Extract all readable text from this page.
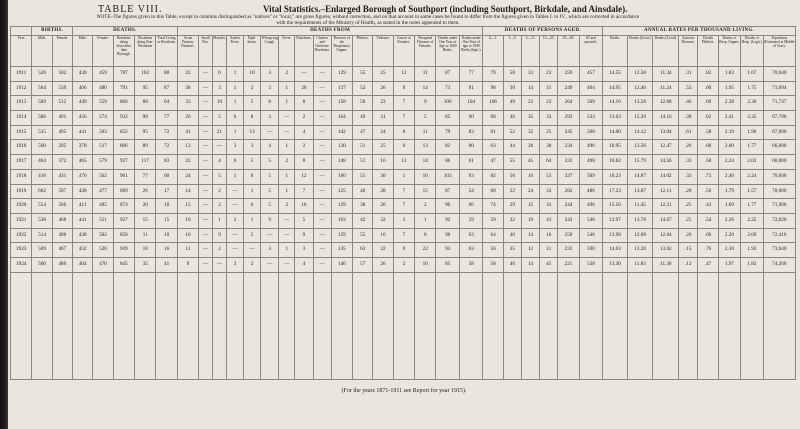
TABLE VIII.	Vital Statistics.–Enlarged Borough of Southport (including Southport, Birkdale, and Ainsdale).
NOTE–The figures given in this Table, except in columns distinguished as "natives" or "local," are gross figures, without correction, and on that account in some cases be found to differ from the figures given in Tables I. to IV., which are corrected in accordance
with the requirements of the Ministry of Health, as stated in the notes appended to them.
	BIRTHS.		DEATHS.					DEATHS FROM																DEATHS OF PERSONS AGED.						ANNUAL RATES PER THOUSAND LIVING.							
Year.	Male.	Female.	Male.	Female.	Residents dying elsewhere than Borough.	Residents dying Non-Residents	Total Living or Residents.	Acute Primary Diseases.	Small Pox.	Measles.	Scarlet Fever.	Diph-theria.	Whoop-ing Cough.	Fever.	Diarrhoea.	Cholera and Choleraic Diarrhoea.	Diseases of the Respiratory Organs.	Phthisis.	Violence.	Cancer of Females.	Puerperal Diseases of Females.	Deaths under One Year of Age to 1000 Births.	Deaths under One Year of age to 1000 Births (legit.).	0—1.	1—5.	5—15.	15—25.	25—65.	65 and upwards.	Births.	Deaths (Gross).	Deaths (Local).	Zymotic Diseases.	Deaths Phthisis.	Deaths of Resp. Organs.	Deaths of Resp. (Legit.)	Population (Estimated at Middle of Year).
1911	526	502	430	459	787	102	88	22	—	6	1	10	3	2	—	—	129	55	25	12	11	87	77	79	58	33	23	259	457	14.55	12.58	11.34	.31	.82	1.83	1.67	70,640
1912	564	539	406	480	791	95	87	38	—	3	1	2	3	1	26	—	137	52	26	9	14	73	91	98	30	14	31	249	464	14.95	12.46	11.24	.53	.60	1.95	1.75	71,094
1913	509	512	449	559	866	88	64	33	—	10	1	5	8	1	8	—	158	50	23	7	9	100	104	106	49	23	23	264	509	14.16	13.58	12.68	.46	.60	2.38	2.36	71,747
1914	586	491	456	574	932	98	77	26	—	5	6	8	3	—	2	—	164	49	31	7	5	85	90	68	46	35	33	293	533	13.63	15.20	14.16	.38	.62	2.41	2.35	67,700
1915	515	495	441	503	852	95	72	41	—	21	1	13	—	—	4	—	142	47	24	8	11	79	83	81	52	32	25	245	508	14.00	14.12	13.04	.61	.58	2.19	1.96	67,000
1916	500	395	378	517	806	89	72	13	—	—	3	3	4	1	2	—	130	51	25	6	13	82	80	63	44	28	30	234	496	10.95	13.56	12.47	.20	.68	2.00	1.77	66,000
1917	464	372	465	579	927	117	83	22	—	4	6	5	5	2	8	—	148	51	16	13	14	86	61	47	55	45	64	333	498	10.82	15.79	14.56	.33	.58	2.24	2.03	66,000
1918	416	431	476	562	961	77	60	24	—	5	1	6	5	1	12	—	160	51	30	1	10	103	93	82	56	16	53	337	509	10.23	14.87	14.02	.33	.73	2.40	2.24	70,000
1919	662	597	438	477	889	26	17	14	—	2	—	1	5	1	7	—	125	46	28	7	15	87	54	68	22	24	33	282	486	17.23	13.07	12.11	.20	.56	1.79	1.57	70,000
1920	554	566	411	485	874	20	16	15	—	2	—	6	5	2	10	—	129	38	26	7	2	96	66	74	29	15	31	244	496	15.56	11.45	12.21	.25	.43	1.69	1.77	71,900
1921	538	468	441	511	927	15	15	18	—	1	2	1	9	—	5	—	163	42	32	3	1	92	59	59	32	19	43	243	546	13.97	13.78	14.67	.25	.54	2.26	2.25	72,020
1922	514	498	438	502	858	11	10	10	—	9	—	2	—	—	9	—	159	55	16	7	8	98	63	64	40	14	16	250	546	13.98	12.08	12.84	.26	.66	2.20	2.09	72,410
1923	509	467	432	526	939	18	16	11	—	2	—	—	3	1	3	—	135	63	32	9	22	93	63	56	35	12	31	233	590	14.03	13.20	13.02	.15	.76	2.10	1.93	73,640
1924	500	486	404	470	845	35	41	9	—	—	3	2	—	—	4	—	146	57	26	2	10	85	58	58	46	14	45	221	538	13.30	11.83	11.30	.12	.47	1.97	1.83	74,260

(For the years 1871-1911 see Report for year 1915).
